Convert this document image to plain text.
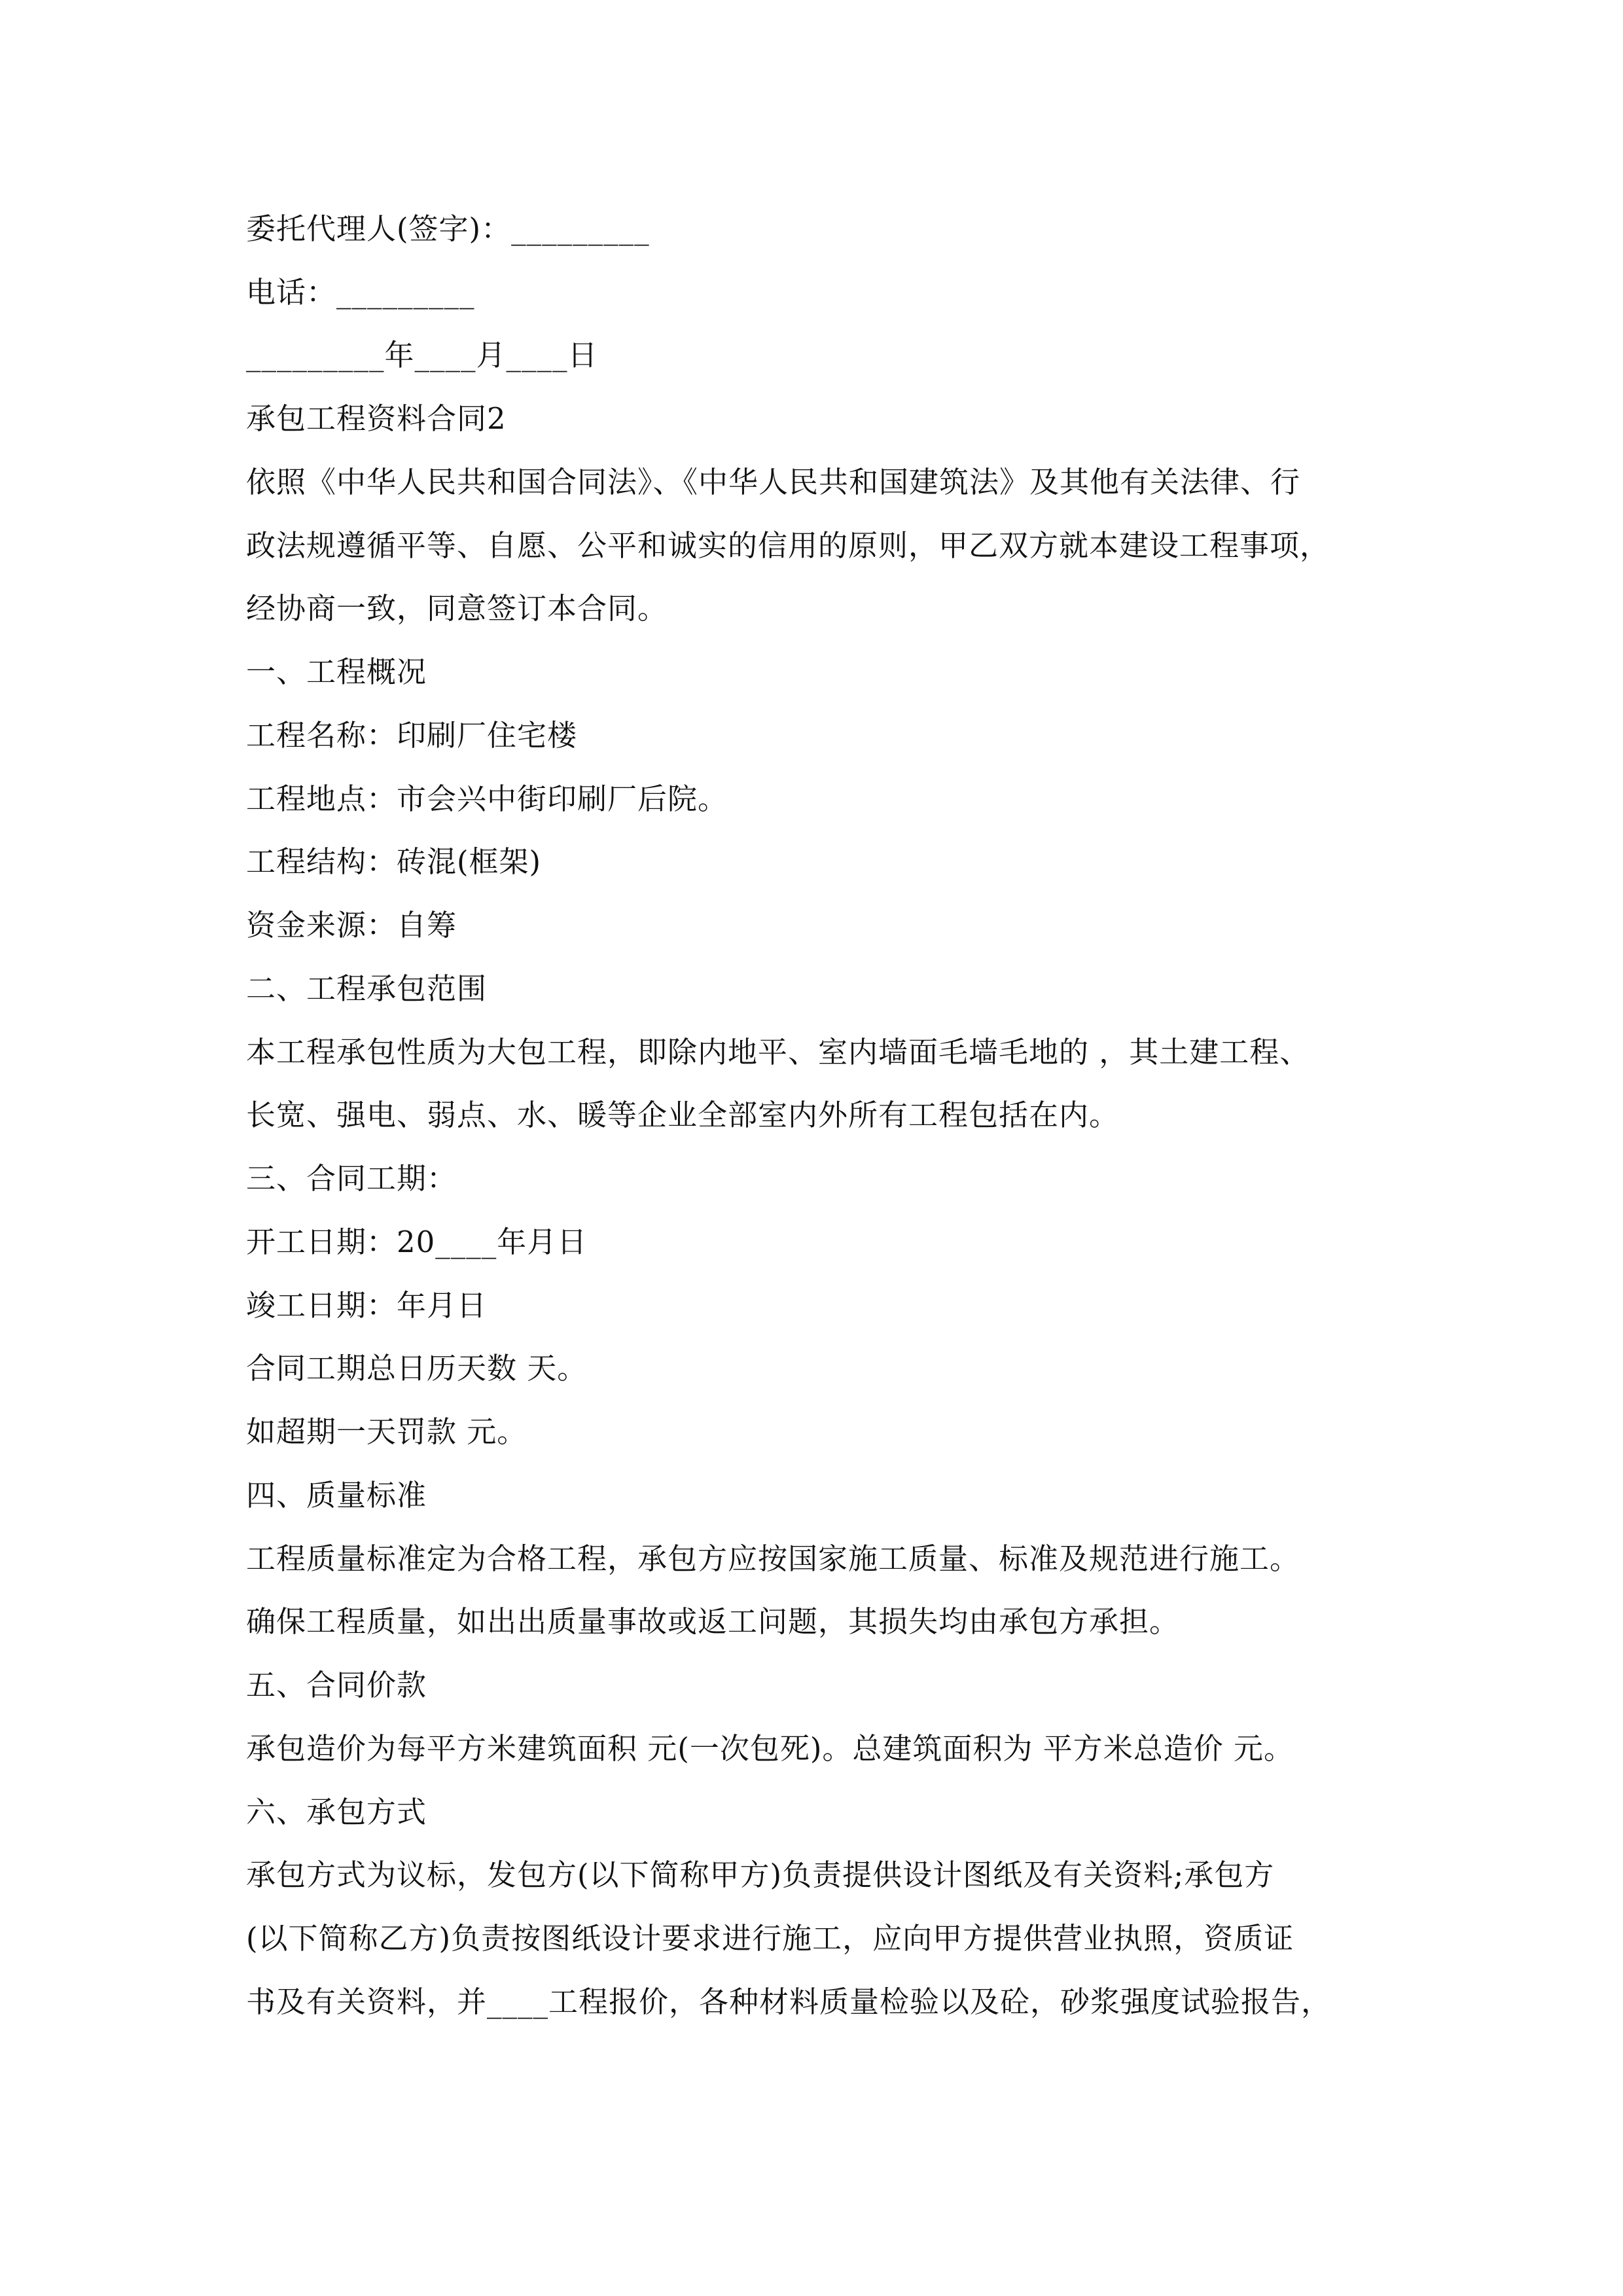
委托代理人(签字)：_________
电话：_________
_________年____月____日
承包工程资料合同2
依照《中华人民共和国合同法》、《中华人民共和国建筑法》及其他有关法律、行
政法规遵循平等、自愿、公平和诚实的信用的原则，甲乙双方就本建设工程事项，
经协商一致，同意签订本合同。
一、工程概况
工程名称：印刷厂住宅楼
工程地点：市会兴中街印刷厂后院。
工程结构：砖混(框架)
资金来源：自筹
二、工程承包范围
本工程承包性质为大包工程，即除内地平、室内墙面毛墙毛地的 ，其土建工程、
长宽、强电、弱点、水、暖等企业全部室内外所有工程包括在内。
三、合同工期：
开工日期：20____年月日
竣工日期：年月日
合同工期总日历天数 天。
如超期一天罚款 元。
四、质量标准
工程质量标准定为合格工程，承包方应按国家施工质量、标准及规范进行施工。
确保工程质量，如出出质量事故或返工问题，其损失均由承包方承担。
五、合同价款
承包造价为每平方米建筑面积 元(一次包死)。总建筑面积为 平方米总造价 元。
六、承包方式
承包方式为议标，发包方(以下简称甲方)负责提供设计图纸及有关资料;承包方
(以下简称乙方)负责按图纸设计要求进行施工，应向甲方提供营业执照，资质证
书及有关资料，并____工程报价，各种材料质量检验以及砼，砂浆强度试验报告，
